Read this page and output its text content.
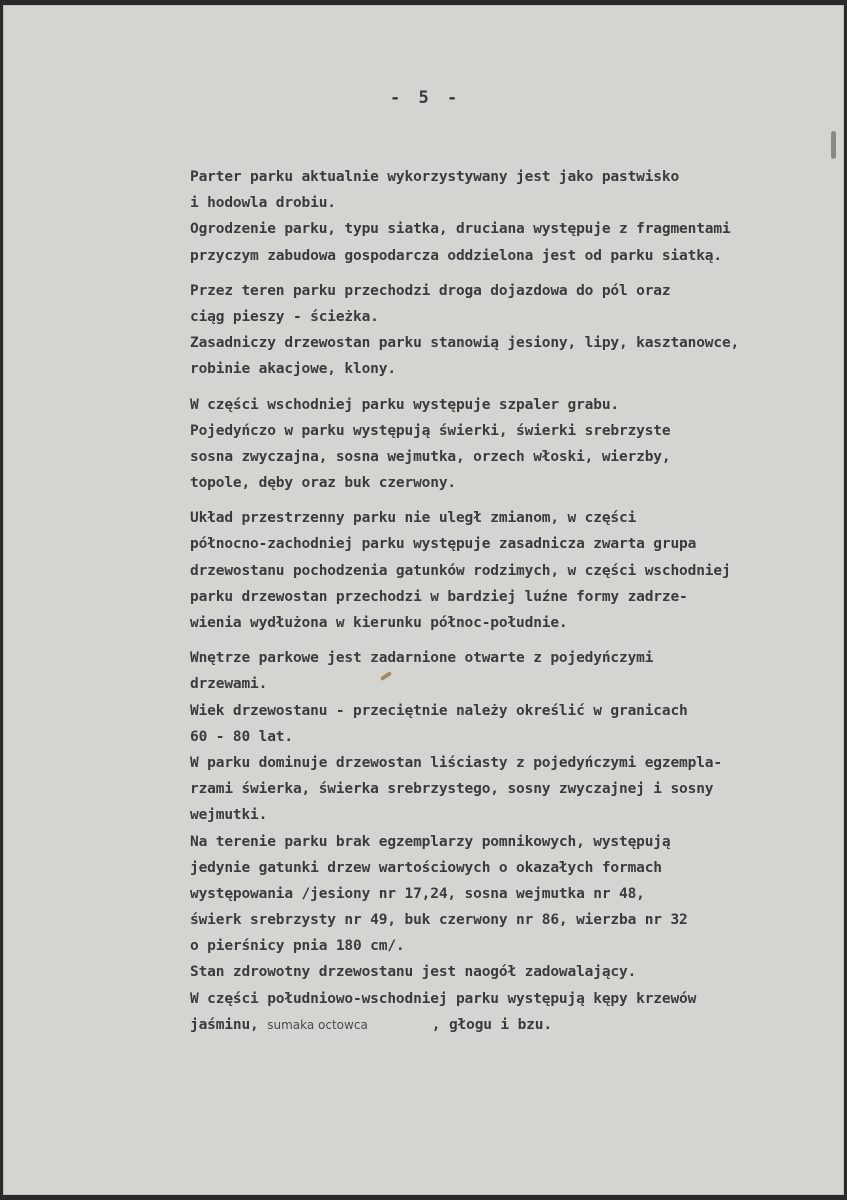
- 5 -
Parter parku aktualnie wykorzystywany jest jako pastwisko
i hodowla drobiu.
Ogrodzenie parku, typu siatka, druciana występuje z fragmentami
przyczym zabudowa gospodarcza oddzielona jest od parku siatką.
Przez teren parku przechodzi droga dojazdowa do pól oraz
ciąg pieszy - ścieżka.
Zasadniczy drzewostan parku stanowią jesiony, lipy, kasztanowce,
robinie akacjowe, klony.
W części wschodniej parku występuje szpaler grabu.
Pojedyńczo w parku występują świerki, świerki srebrzyste
sosna zwyczajna, sosna wejmutka, orzech włoski, wierzby,
topole, dęby oraz buk czerwony.
Układ przestrzenny parku nie uległ zmianom, w części
północno-zachodniej parku występuje zasadnicza zwarta grupa
drzewostanu pochodzenia gatunków rodzimych, w części wschodniej
parku drzewostan przechodzi w bardziej luźne formy zadrze-
wienia wydłużona w kierunku północ-południe.
Wnętrze parkowe jest zadarnione otwarte z pojedyńczymi
drzewami.
Wiek drzewostanu - przeciętnie należy określić w granicach
60 - 80 lat.
W parku dominuje drzewostan liściasty z pojedyńczymi egzempla-
rzami świerka, świerka srebrzystego, sosny zwyczajnej i sosny
wejmutki.
Na terenie parku brak egzemplarzy pomnikowych, występują
jedynie gatunki drzew wartościowych o okazałych formach
występowania /jesiony nr 17,24, sosna wejmutka nr 48,
świerk srebrzysty nr 49, buk czerwony nr 86, wierzba nr 32
o pierśnicy pnia 180 cm/.
Stan zdrowotny drzewostanu jest naogół zadowalający.
W części południowo-wschodniej parku występują kępy krzewów
jaśminu, sumaka octowca	, głogu i bzu.
